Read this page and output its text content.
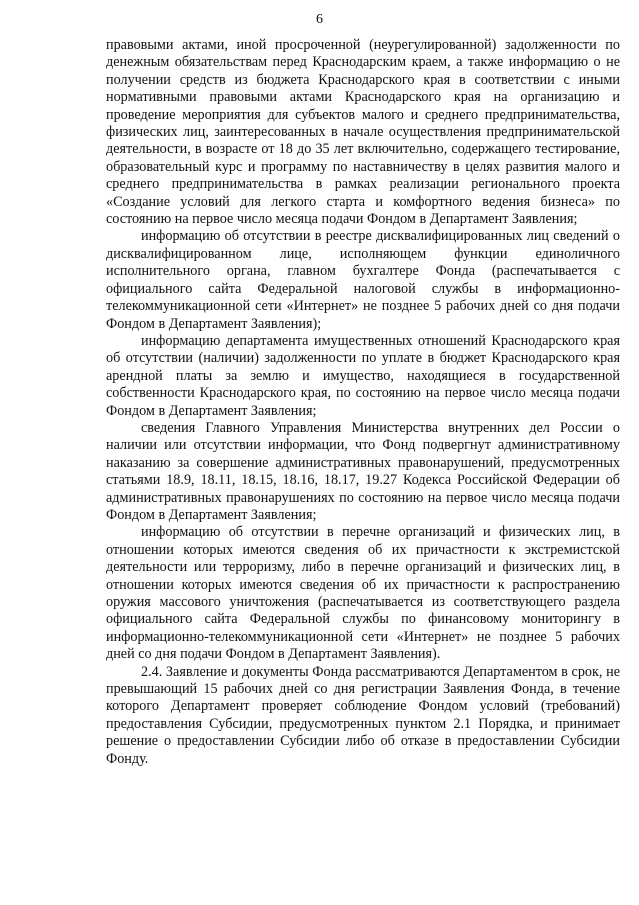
6

правовыми актами, иной просроченной (неурегулированной) задолженности по денежным обязательствам перед Краснодарским краем, а также информацию о не получении средств из бюджета Краснодарского края в соответствии с иными нормативными правовыми актами Краснодарского края на организацию и проведение мероприятия для субъектов малого и среднего предпринимательства, физических лиц, заинтересованных в начале осуществления предпринимательской деятельности, в возрасте от 18 до 35 лет включительно, содержащего тестирование, образовательный курс и программу по наставничеству в целях развития малого и среднего предпринимательства в рамках реализации регионального проекта «Создание условий для легкого старта и комфортного ведения бизнеса» по состоянию на первое число месяца подачи Фондом в Департамент Заявления;

информацию об отсутствии в реестре дисквалифицированных лиц сведений о дисквалифицированном лице, исполняющем функции единоличного исполнительного органа, главном бухгалтере Фонда (распечатывается с официального сайта Федеральной налоговой службы в информационно-телекоммуникационной сети «Интернет» не позднее 5 рабочих дней со дня подачи Фондом в Департамент Заявления);

информацию департамента имущественных отношений Краснодарского края об отсутствии (наличии) задолженности по уплате в бюджет Краснодарского края арендной платы за землю и имущество, находящиеся в государственной собственности Краснодарского края, по состоянию на первое число месяца подачи Фондом в Департамент Заявления;

сведения Главного Управления Министерства внутренних дел России о наличии или отсутствии информации, что Фонд подвергнут административному наказанию за совершение административных правонарушений, предусмотренных статьями 18.9, 18.11, 18.15, 18.16, 18.17, 19.27 Кодекса Российской Федерации об административных правонарушениях по состоянию на первое число месяца подачи Фондом в Департамент Заявления;

информацию об отсутствии в перечне организаций и физических лиц, в отношении которых имеются сведения об их причастности к экстремистской деятельности или терроризму, либо в перечне организаций и физических лиц, в отношении которых имеются сведения об их причастности к распространению оружия массового уничтожения (распечатывается из соответствующего раздела официального сайта Федеральной службы по финансовому мониторингу в информационно-телекоммуникационной сети «Интернет» не позднее 5 рабочих дней со дня подачи Фондом в Департамент Заявления).

2.4. Заявление и документы Фонда рассматриваются Департаментом в срок, не превышающий 15 рабочих дней со дня регистрации Заявления Фонда, в течение которого Департамент проверяет соблюдение Фондом условий (требований) предоставления Субсидии, предусмотренных пунктом 2.1 Порядка, и принимает решение о предоставлении Субсидии либо об отказе в предоставлении Субсидии Фонду.
